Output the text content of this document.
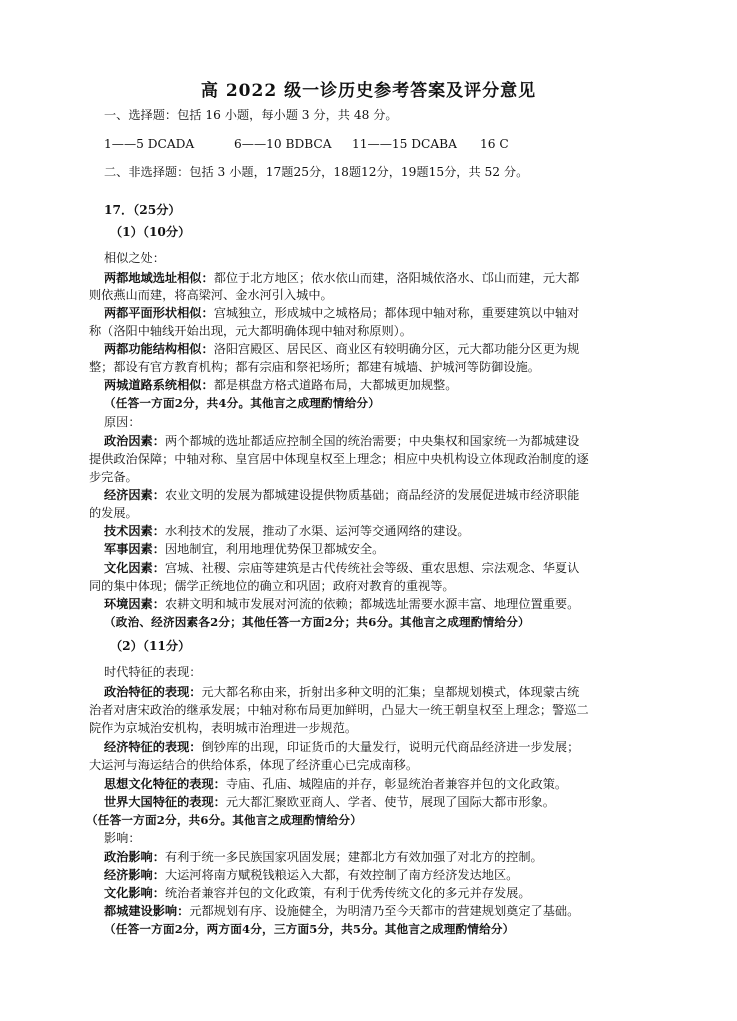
高 2022 级一诊历史参考答案及评分意见
一、选择题：包括 16 小题，每小题 3 分，共 48 分。
1——5 DCADA	6——10 BDBCA 11——15 DCABA 16 C
二、非选择题：包括 3 小题，17题25分，18题12分，19题15分，共 52 分。
17．（25分）
（1）（10分）
相似之处：
两都地域选址相似：都位于北方地区；依水依山而建，洛阳城依洛水、邙山而建，元大都
则依燕山而建，将高梁河、金水河引入城中。
两都平面形状相似：宫城独立，形成城中之城格局；都体现中轴对称，重要建筑以中轴对
称（洛阳中轴线开始出现，元大都明确体现中轴对称原则）。
两都功能结构相似：洛阳宫殿区、居民区、商业区有较明确分区，元大都功能分区更为规
整；都设有官方教育机构；都有宗庙和祭祀场所；都建有城墙、护城河等防御设施。
两城道路系统相似：都是棋盘方格式道路布局，大都城更加规整。
（任答一方面2分，共4分。其他言之成理酌情给分）
原因：
政治因素：两个都城的选址都适应控制全国的统治需要；中央集权和国家统一为都城建设
提供政治保障；中轴对称、皇宫居中体现皇权至上理念；相应中央机构设立体现政治制度的逐
步完备。
经济因素：农业文明的发展为都城建设提供物质基础；商品经济的发展促进城市经济职能
的发展。
技术因素：水利技术的发展，推动了水渠、运河等交通网络的建设。
军事因素：因地制宜，利用地理优势保卫都城安全。
文化因素：宫城、社稷、宗庙等建筑是古代传统社会等级、重农思想、宗法观念、华夏认
同的集中体现；儒学正统地位的确立和巩固；政府对教育的重视等。
环境因素：农耕文明和城市发展对河流的依赖；都城选址需要水源丰富、地理位置重要。
（政治、经济因素各2分；其他任答一方面2分；共6分。其他言之成理酌情给分）
（2）（11分）
时代特征的表现：
政治特征的表现：元大都名称由来，折射出多种文明的汇集；皇都规划模式，体现蒙古统
治者对唐宋政治的继承发展；中轴对称布局更加鲜明，凸显大一统王朝皇权至上理念；警巡二
院作为京城治安机构，表明城市治理进一步规范。
经济特征的表现：倒钞库的出现，印证货币的大量发行，说明元代商品经济进一步发展；
大运河与海运结合的供给体系，体现了经济重心已完成南移。
思想文化特征的表现：寺庙、孔庙、城隍庙的并存，彰显统治者兼容并包的文化政策。
世界大国特征的表现：元大都汇聚欧亚商人、学者、使节，展现了国际大都市形象。
（任答一方面2分，共6分。其他言之成理酌情给分）
影响：
政治影响：有利于统一多民族国家巩固发展；建都北方有效加强了对北方的控制。
经济影响：大运河将南方赋税钱粮运入大都，有效控制了南方经济发达地区。
文化影响：统治者兼容并包的文化政策，有利于优秀传统文化的多元并存发展。
都城建设影响：元都规划有序、设施健全，为明清乃至今天都市的营建规划奠定了基础。
（任答一方面2分，两方面4分，三方面5分，共5分。其他言之成理酌情给分）
